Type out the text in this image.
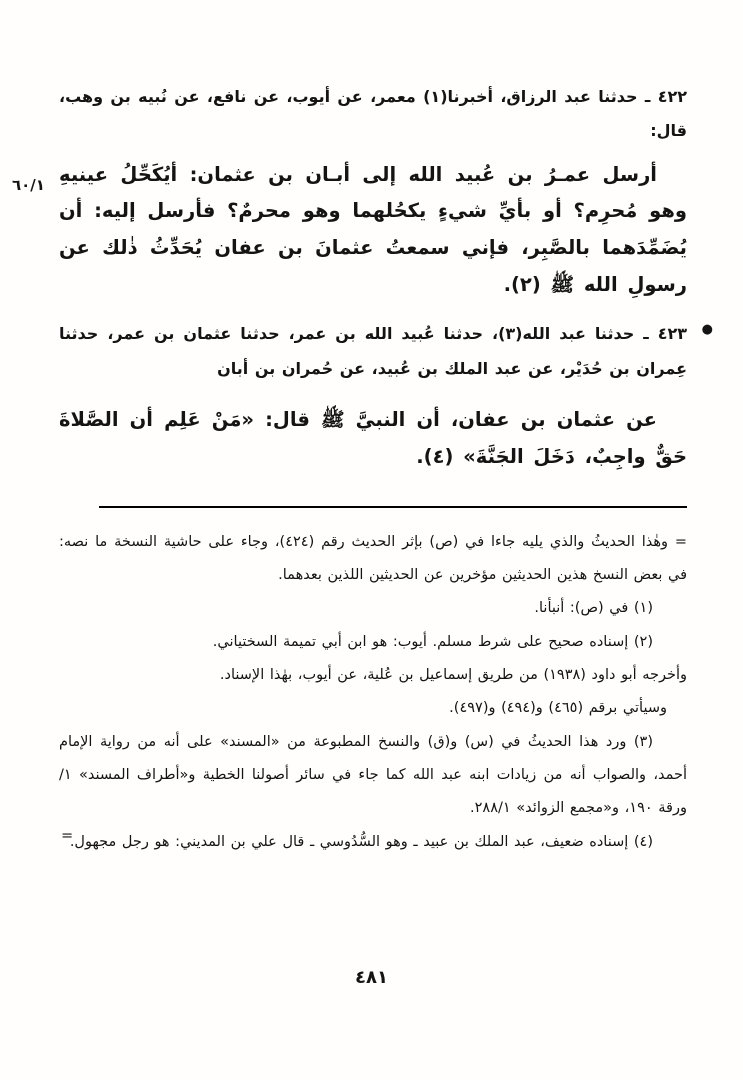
٦٠/١

٤٢٢ ـ حدثنا عبد الرزاق، أخبرنا(١) معمر، عن أيوب، عن نافع، عن نُبيه بن وهب، قال:

أرسل عمـرُ بن عُبيد الله إلى أبـان بن عثمان: أيُكَحِّلُ عينيهِ وهو مُحرِم؟ أو بأيِّ شيءٍ يكحُلهما وهو محرمٌ؟ فأرسل إليه: أن يُضَمِّدَهما بالصَّبِر، فإني سمعتُ عثمانَ بن عفان يُحَدِّثُ ذٰلك عن رسولِ الله ﷺ (٢).

●
٤٢٣ ـ حدثنا عبد الله(٣)، حدثنا عُبيد الله بن عمر، حدثنا عثمان بن عمر، حدثنا عِمران بن حُدَيْر، عن عبد الملك بن عُبيد، عن حُمران بن أبان

عن عثمان بن عفان، أن النبيَّ ﷺ قال: «مَنْ عَلِم أن الصَّلاةَ حَقٌّ واجِبٌ، دَخَلَ الجَنَّةَ» (٤).

= وهٰذا الحديثُ والذي يليه جاءا في (ص) بإثر الحديث رقم (٤٢٤)، وجاء على حاشية النسخة ما نصه: في بعض النسخ هذين الحديثين مؤخرين عن الحديثين اللذين بعدهما.

(١) في (ص): أنبأنا.

(٢) إسناده صحيح على شرط مسلم. أيوب: هو ابن أبي تميمة السختياني.

وأخرجه أبو داود (١٩٣٨) من طريق إسماعيل بن عُلية، عن أيوب، بهٰذا الإسناد.

وسيأتي برقم (٤٦٥) و(٤٩٤) و(٤٩٧).

(٣) ورد هذا الحديثُ في (س) و(ق) والنسخ المطبوعة من «المسند» على أنه من رواية الإمام أحمد، والصواب أنه من زيادات ابنه عبد الله كما جاء في سائر أصولنا الخطية و«أطراف المسند» ١/ورقة ١٩٠، و«مجمع الزوائد» ٢٨٨/١.

(٤) إسناده ضعيف، عبد الملك بن عبيد ـ وهو السُّدُوسي ـ قال علي بن المديني: هو رجل مجهول.

=
٤٨١
